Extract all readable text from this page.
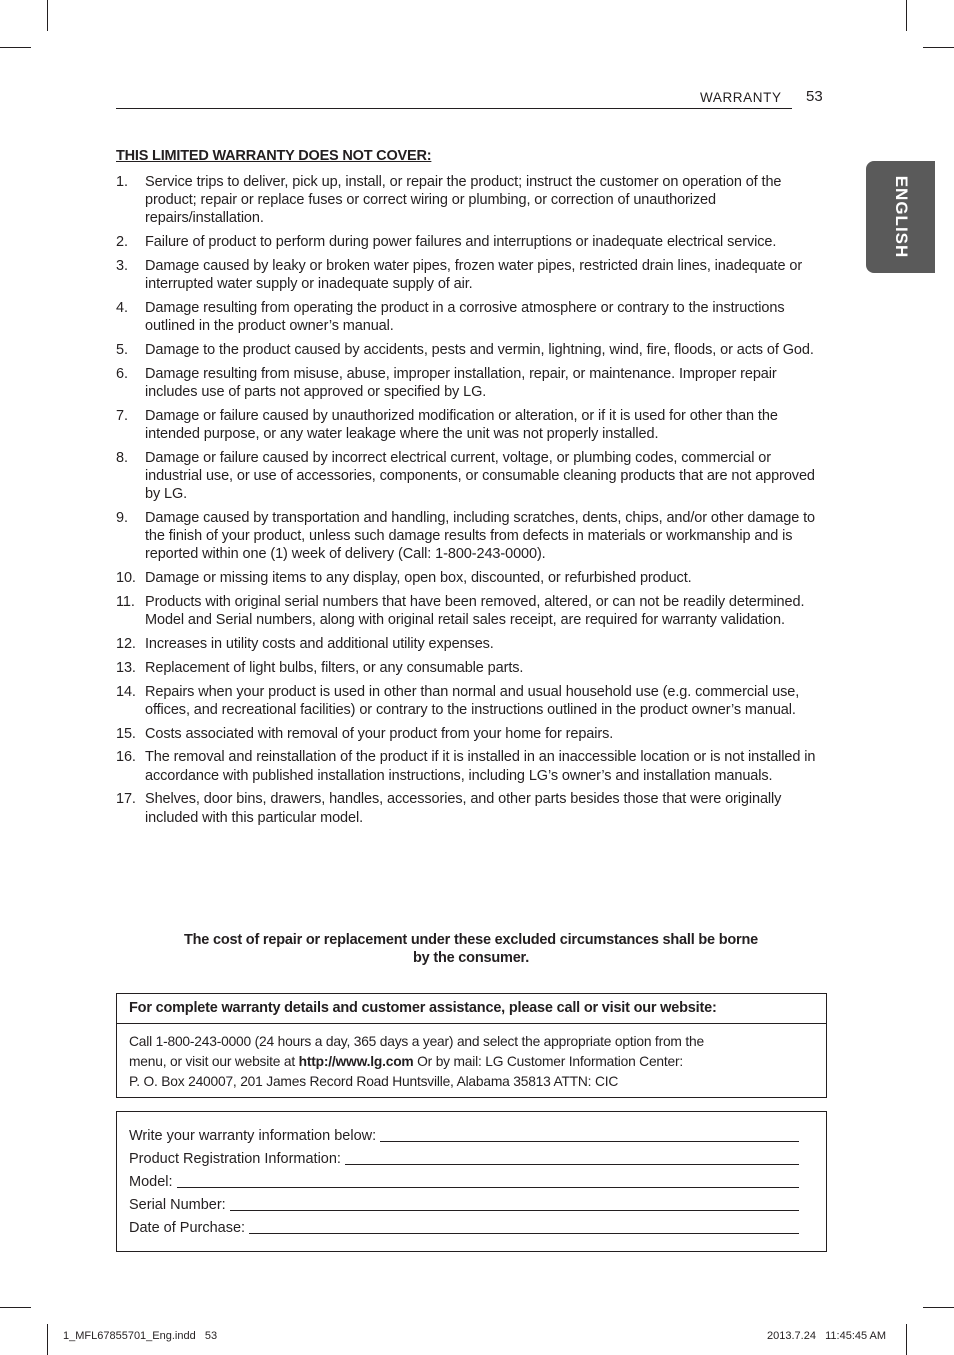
WARRANTY 53
ENGLISH
THIS LIMITED WARRANTY DOES NOT COVER:
1. Service trips to deliver, pick up, install, or repair the product; instruct the customer on operation of the product; repair or replace fuses or correct wiring or plumbing, or correction of unauthorized repairs/installation.
2. Failure of product to perform during power failures and interruptions or inadequate electrical service.
3. Damage caused by leaky or broken water pipes, frozen water pipes, restricted drain lines, inadequate or interrupted water supply or inadequate supply of air.
4. Damage resulting from operating the product in a corrosive atmosphere or contrary to the instructions outlined in the product owner’s manual.
5. Damage to the product caused by accidents, pests and vermin, lightning, wind, fire, floods, or acts of God.
6. Damage resulting from misuse, abuse, improper installation, repair, or maintenance. Improper repair includes use of parts not approved or specified by LG.
7. Damage or failure caused by unauthorized modification or alteration, or if it is used for other than the intended purpose, or any water leakage where the unit was not properly installed.
8. Damage or failure caused by incorrect electrical current, voltage, or plumbing codes, commercial or industrial use, or use of accessories, components, or consumable cleaning products that are not approved by LG.
9. Damage caused by transportation and handling, including scratches, dents, chips, and/or other damage to the finish of your product, unless such damage results from defects in materials or workmanship and is reported within one (1) week of delivery (Call: 1-800-243-0000).
10. Damage or missing items to any display, open box, discounted, or refurbished product.
11. Products with original serial numbers that have been removed, altered, or can not be readily determined. Model and Serial numbers, along with original retail sales receipt, are required for warranty validation.
12. Increases in utility costs and additional utility expenses.
13. Replacement of light bulbs, filters, or any consumable parts.
14. Repairs when your product is used in other than normal and usual household use (e.g. commercial use, offices, and recreational facilities) or contrary to the instructions outlined in the product owner’s manual.
15. Costs associated with removal of your product from your home for repairs.
16. The removal and reinstallation of the product if it is installed in an inaccessible location or is not installed in accordance with published installation instructions, including LG’s owner’s and installation manuals.
17. Shelves, door bins, drawers, handles, accessories, and other parts besides those that were originally included with this particular model.
The cost of repair or replacement under these excluded circumstances shall be borne
by the consumer.
For complete warranty details and customer assistance, please call or visit our website:
Call 1-800-243-0000 (24 hours a day, 365 days a year) and select the appropriate option from the
menu, or visit our website at http://www.lg.com Or by mail: LG Customer Information Center:
P. O. Box 240007, 201 James Record Road Huntsville, Alabama 35813 ATTN: CIC
Write your warranty information below:
Product Registration Information:
Model:
Serial Number:
Date of Purchase:
1_MFL67855701_Eng.indd   53	2013.7.24   11:45:45 AM
